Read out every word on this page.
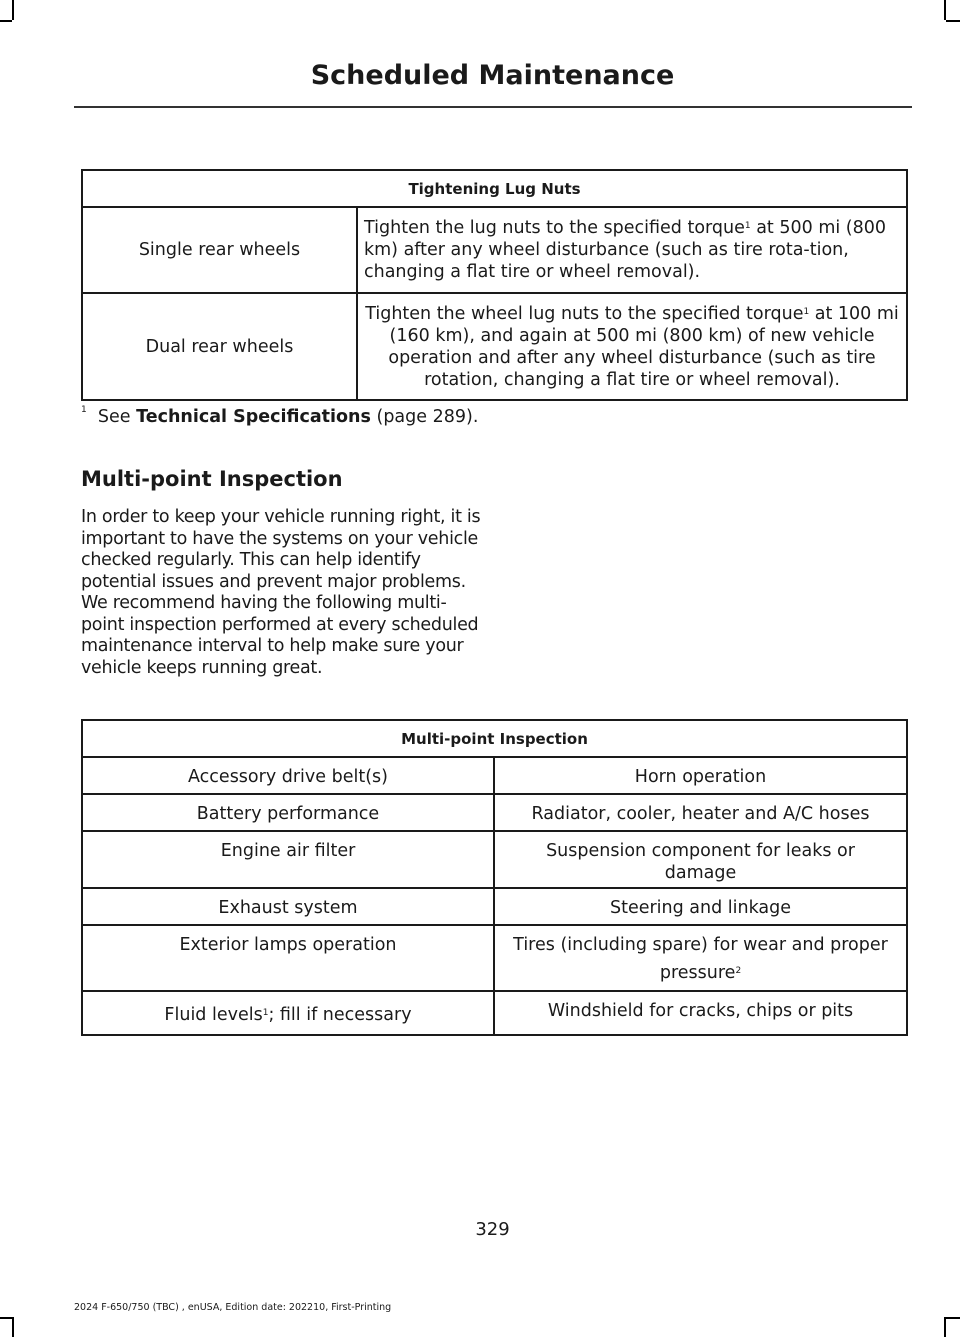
Scheduled Maintenance
Tightening Lug Nuts	
Single rear wheels	Tighten the lug nuts to the specified torque$^1$ at 500 mi (800 km) after any wheel disturbance (such as tire rota-tion, changing a flat tire or wheel removal).
Dual rear wheels	Tighten the wheel lug nuts to the specified torque$^1$ at 100 mi (160 km), and again at 500 mi (800 km) of new vehicle operation and after any wheel disturbance (such as tire rotation, changing a flat tire or wheel removal).
$^1$ See Technical Specifications (page 289).
Multi-point Inspection
In order to keep your vehicle running right, it is important to have the systems on your vehicle checked regularly. This can help identify potential issues and prevent major problems. We recommend having the following multi-point inspection performed at every scheduled maintenance interval to help make sure your vehicle keeps running great.
Multi-point Inspection	
Accessory drive belt(s)	Horn operation
Battery performance	Radiator, cooler, heater and A/C hoses
Engine air filter	Suspension component for leaks or damage
Exhaust system	Steering and linkage
Exterior lamps operation	Tires (including spare) for wear and proper
pressure$^2$
Fluid levels$^1$; fill if necessary	Windshield for cracks, chips or pits
329
2024 F-650/750 (TBC) , enUSA, Edition date: 202210, First-Printing
